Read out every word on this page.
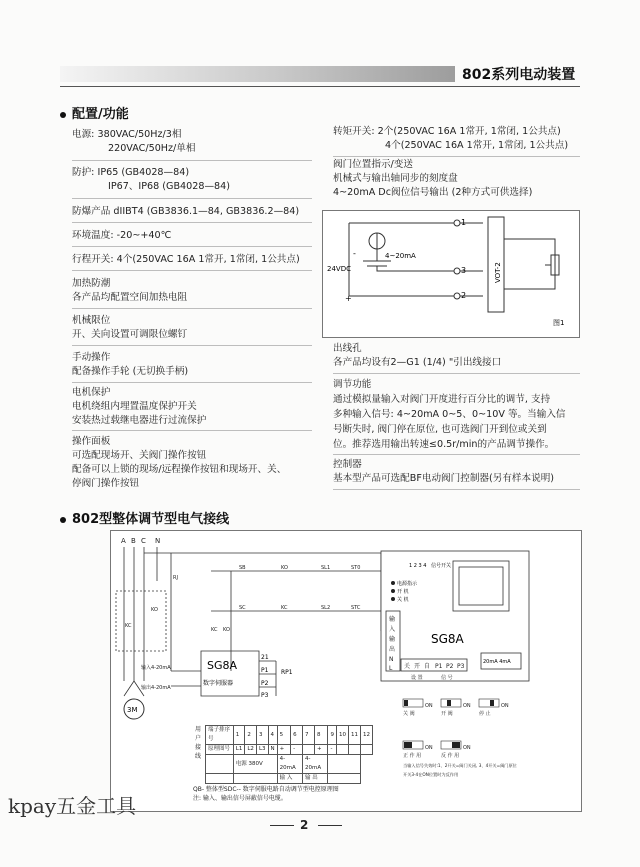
802系列电动装置
配置/功能
电源: 380VAC/50Hz/3相
220VAC/50Hz/单相
防护: IP65 (GB4028—84)
IP67、IP68 (GB4028—84)
防爆产品 dIIBT4 (GB3836.1—84, GB3836.2—84)
环境温度: -20~+40℃
行程开关: 4个(250VAC 16A 1常开, 1常闭, 1公共点)
加热防潮
各产品均配置空间加热电阻
机械限位
开、关向设置可调限位螺钉
手动操作
配备操作手轮 (无切换手柄)
电机保护
电机绕组内埋置温度保护开关
安装热过载继电器进行过流保护
操作面板
可选配现场开、关阀门操作按钮
配备可以上锁的现场/远程操作按钮和现场开、关、
停阀门操作按钮
转矩开关: 2个(250VAC 16A 1常开, 1常闭, 1公共点)
4个(250VAC 16A 1常开, 1常闭, 1公共点)
阀门位置指示/变送
机械式与输出轴同步的刻度盘
4~20mA Dc阀位信号输出 (2种方式可供选择)
1
3
2
4~20mA
24VDC
-
+
VOT-2
图1
出线孔
各产品均设有2—G1 (1/4) "引出线接口
调节功能
通过模拟量输入对阀门开度进行百分比的调节, 支持
多种输入信号: 4~20mA 0~5、0~10V 等。当输入信
号断失时, 阀门停在原位, 也可选阀门开到位或关到
位。推荐选用输出转速≤0.5r/min的产品调节操作。
控制器
基本型产品可选配BF电动阀门控制器(另有样本说明)
802型整体调节型电气接线
A B C N
3M
SG8A
数字伺服器
21
P1
P2
P3
RP1
KO
KC
RJ
SB	KO	SL1	ST0
KC	SL2	STC
SC
KC KO
输入4-20mA
输出4-20mA
1 2 3 4 信号开关
电源指示
开 机
关 机
SG8A
20mA 4mA
输
入
输
出
N
L 关 开 自 P1 P2 P3
设 置	信 号
关 阀
ON
开 阀
ON
停 止
ON
正 作 用
ON
反 作 用
ON
当输入信号失效时:1、2开关=阀门关闭, 3、4开关=阀门原位
开关3-4在ON位置时为反作用
用
户
接
线
端子排序号	1	2	3	4	5	6	7	8	9	10	11	12
原理图号	L1	L2	L3	N	+	-		+	-			
	电源 380V				4-20mA		4-20mA					
					输 入		输 出					
QB- 整体型SDC-- 数字伺服电路自动调节型电控原理图
注: 输入、输出信号屏蔽信号电缆。
2
kpay五金工具
